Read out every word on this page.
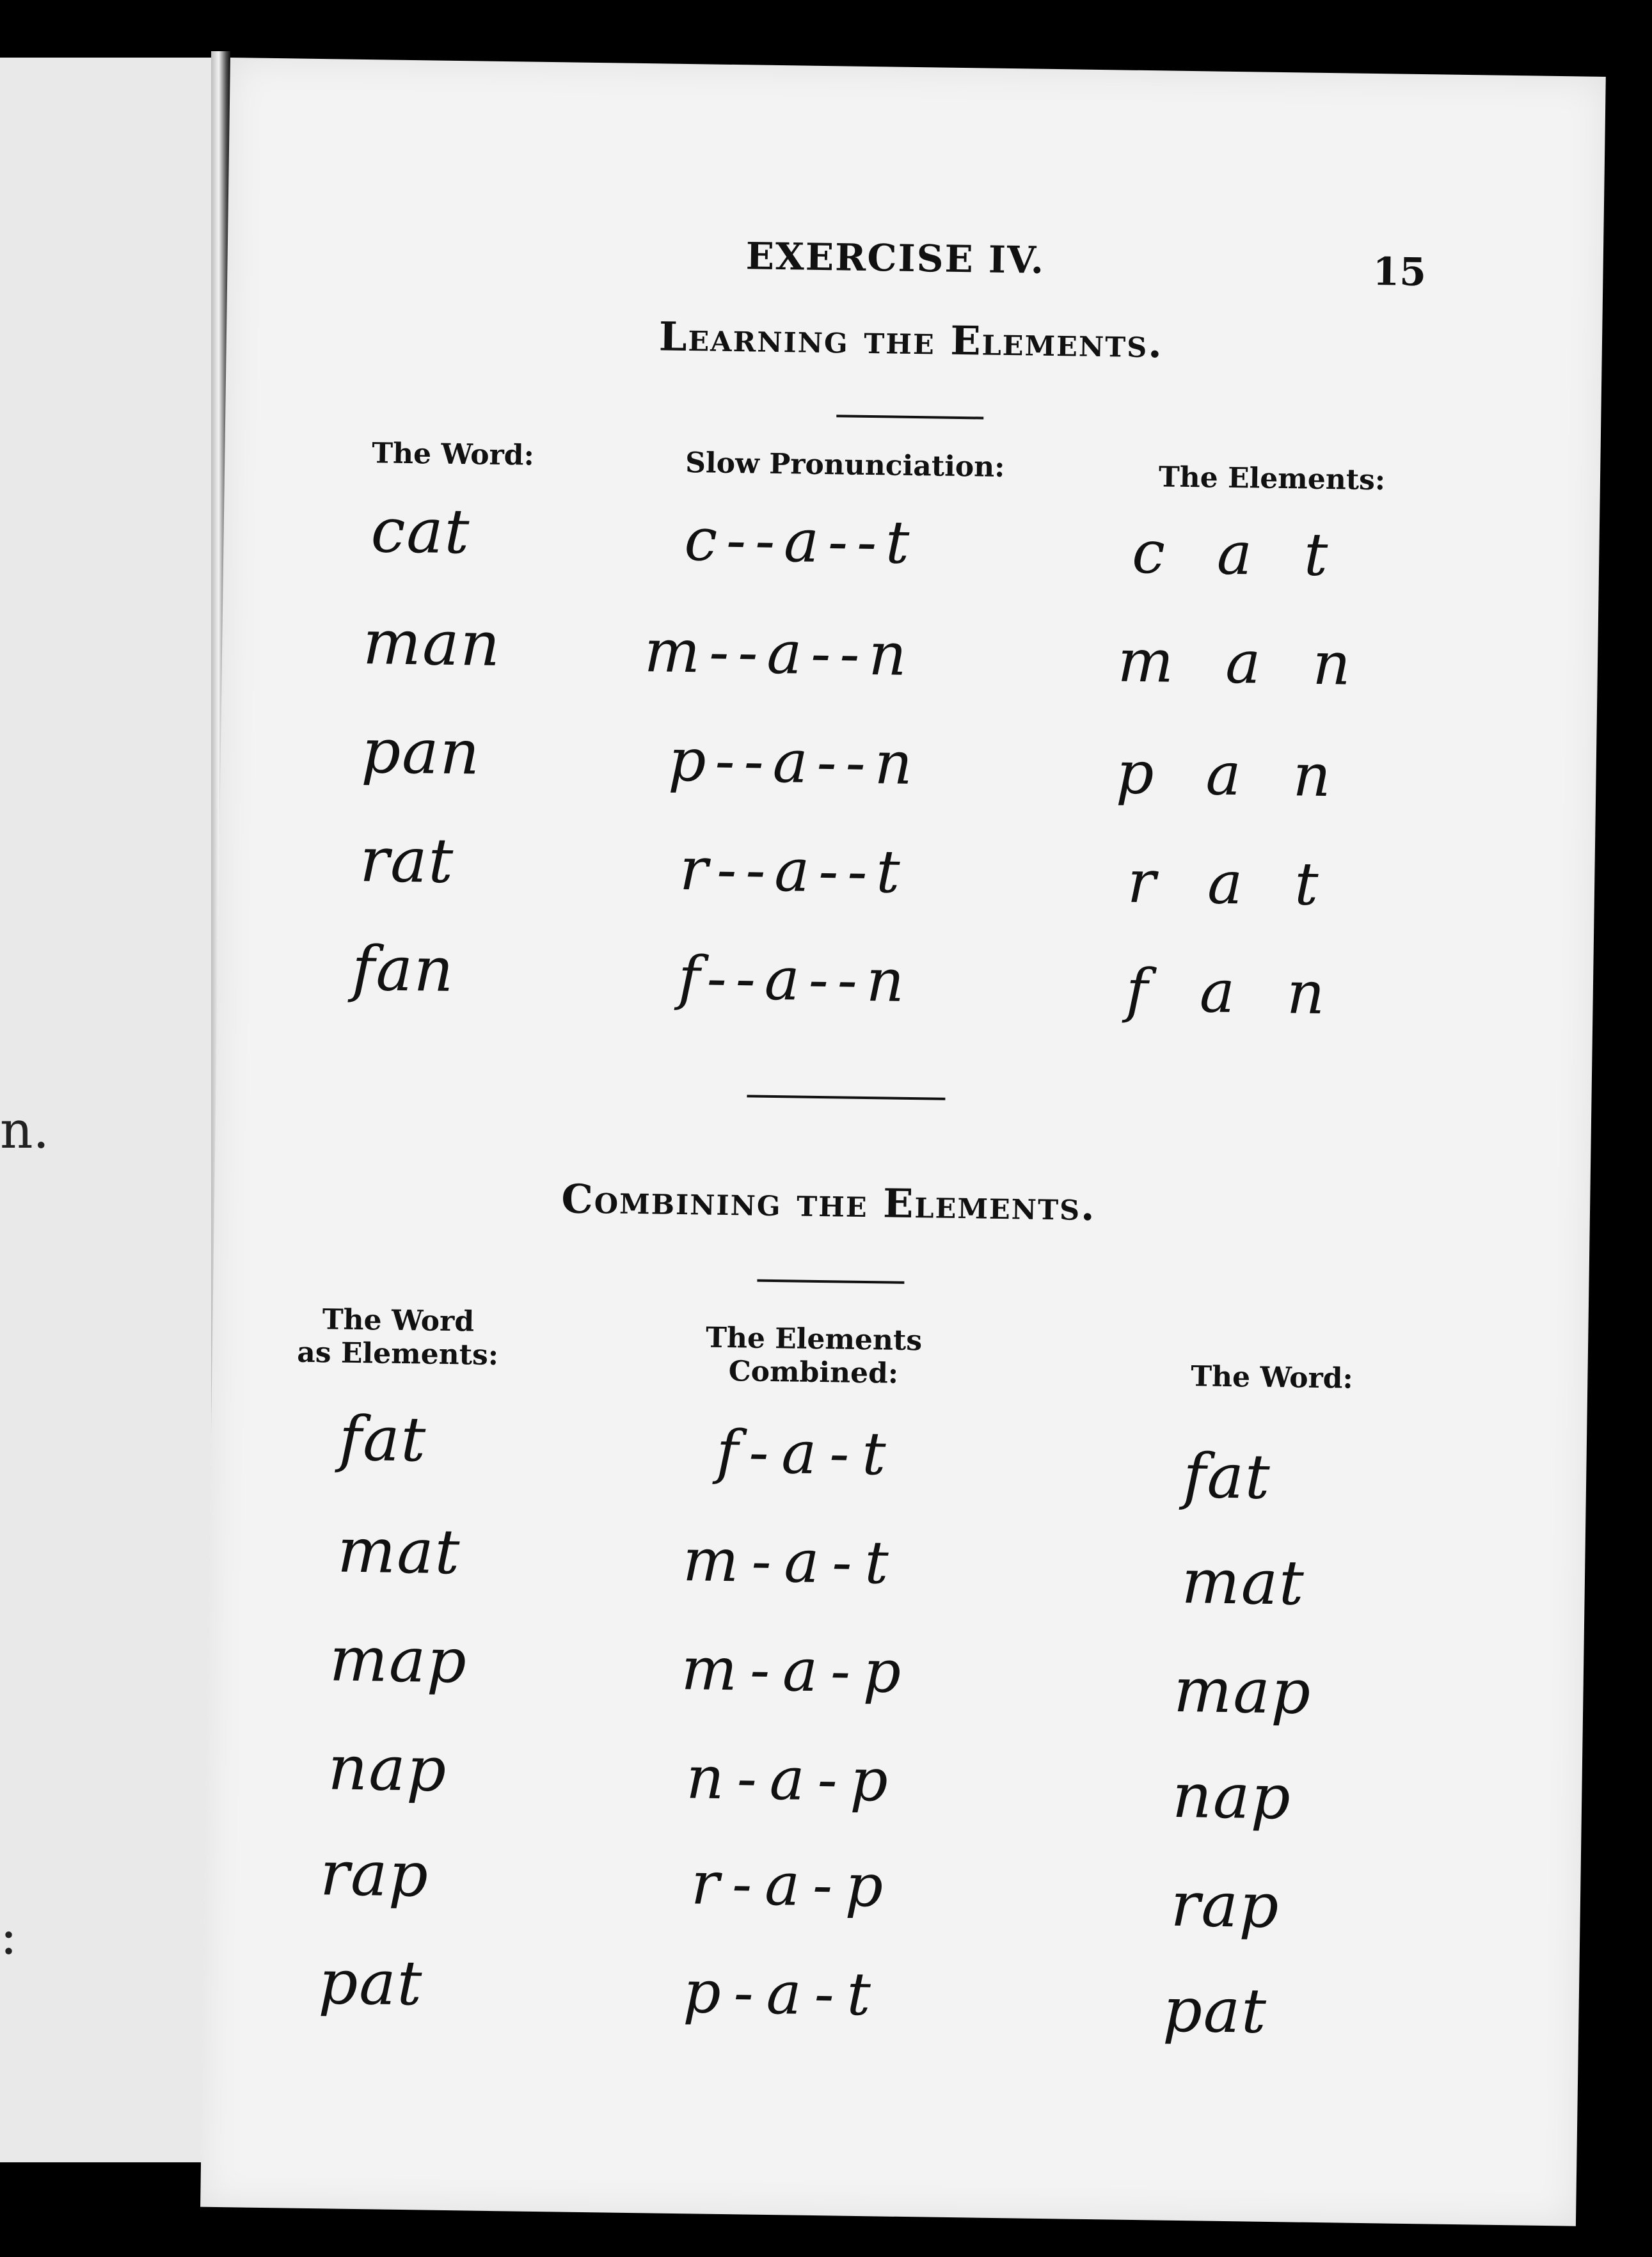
n.
:
EXERCISE IV.	15
Learning the Elements.
The Word:	Slow Pronunciation:	The Elements:
cat	c--a--t	c a t
man m--a--n	m a n
pan	p--a--n	p a n
rat	r--a--t	r a t
fan	f--a--n	f a n
Combining the Elements.
The Word
as Elements:	The Elements
Combined:	The Word:
fat	f-a-t	fat
mat	m-a-t	mat
map	m-a-p	map
nap	n-a-p	nap
rap	r-a-p	rap
pat	p-a-t	pat
